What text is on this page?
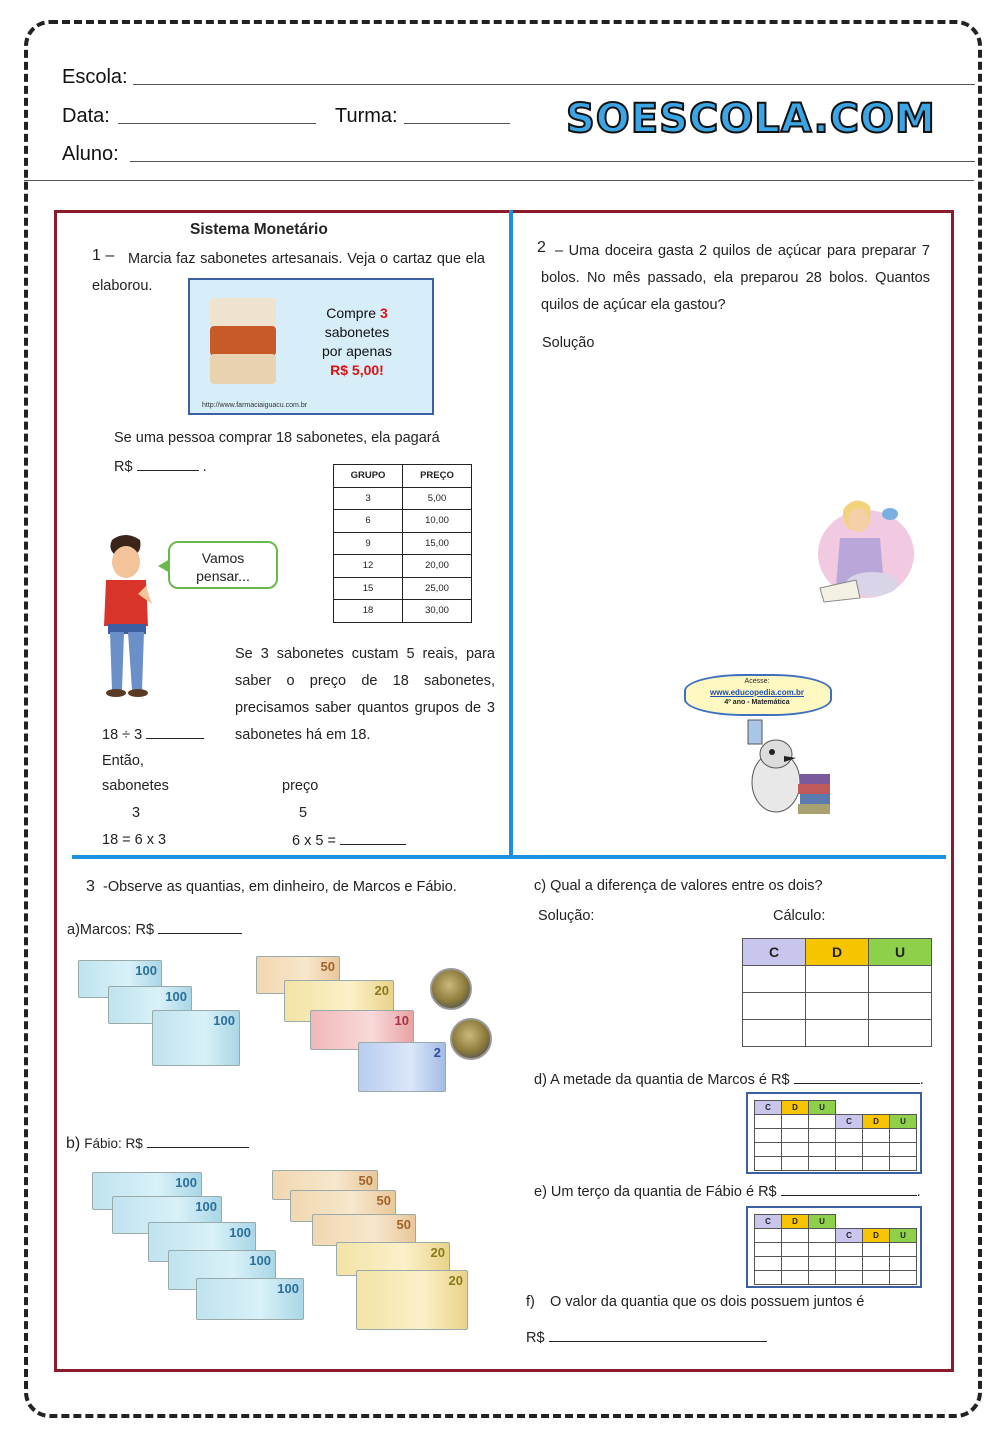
Escola:
Data:	Turma:	SOESCOLA.COM
Aluno:
Sistema Monetário
1 – Marcia faz sabonetes artesanais. Veja o cartaz que ela elaborou.
Compre 3
sabonetes
por apenas
R$ 5,00!
http://www.farmaciaiguacu.com.br
Se uma pessoa comprar 18 sabonetes, ela pagará
R$	.
GRUPO	PREÇO
3	5,00
6	10,00
9	15,00
12	20,00
15	25,00
18	30,00
Vamos
pensar...
Se 3 sabonetes custam 5 reais, para saber o preço de 18 sabonetes, precisamos saber quantos grupos de 3 sabonetes há em 18.
18 ÷ 3
Então,
sabonetes
3
18 = 6 x 3
preço
5
6 x 5 =
2 – Uma doceira gasta 2 quilos de açúcar para preparar 7 bolos. No mês passado, ela preparou 28 bolos. Quantos quilos de açúcar ela gastou?
Solução
Acesse:
www.educopedia.com.br
4º ano - Matemática
3 -Observe as quantias, em dinheiro, de Marcos e Fábio.
a)Marcos: R$
100
100
100
50
20
10
2
b) Fábio: R$
100
100
100
100
100
50
50
50
20
20
c) Qual a diferença de valores entre os dois?
Solução:	Cálculo:
C	D	U

d) A metade da quantia de Marcos é R$	.
C	D	U

C	D	U

e) Um terço da quantia de Fábio é R$	.
C	D	U

C	D	U

f) O valor da quantia que os dois possuem juntos é
R$
